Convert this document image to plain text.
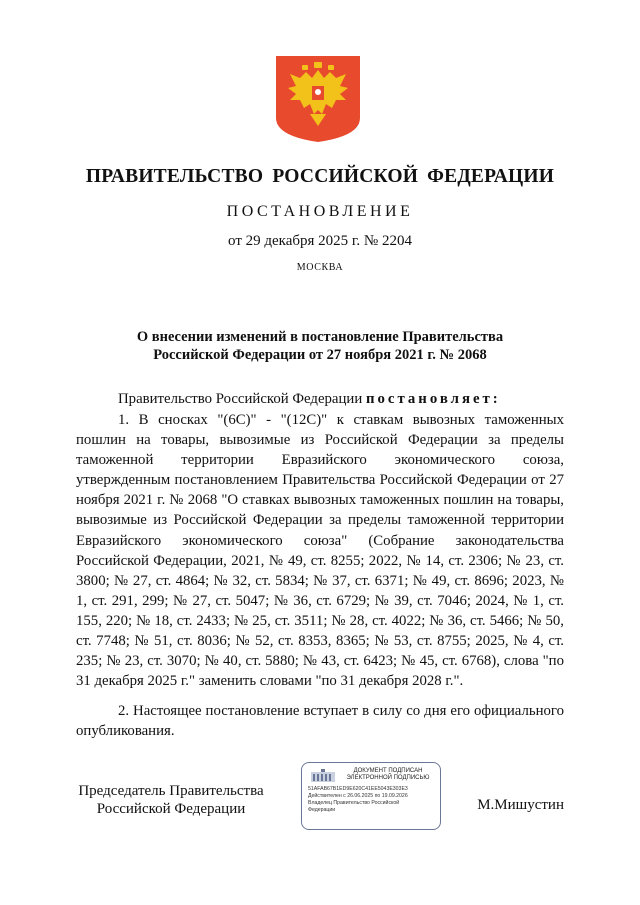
ПРАВИТЕЛЬСТВО РОССИЙСКОЙ ФЕДЕРАЦИИ
ПОСТАНОВЛЕНИЕ
от 29 декабря 2025 г. № 2204
МОСКВА
О внесении изменений в постановление Правительства
Российской Федерации от 27 ноября 2021 г. № 2068
Правительство Российской Федерации постановляет:
1. В сносках "(6С)" - "(12С)" к ставкам вывозных таможенных пошлин на товары, вывозимые из Российской Федерации за пределы таможенной территории Евразийского экономического союза, утвержденным постановлением Правительства Российской Федерации от 27 ноября 2021 г. № 2068 "О ставках вывозных таможенных пошлин на товары, вывозимые из Российской Федерации за пределы таможенной территории Евразийского экономического союза" (Собрание законодательства Российской Федерации, 2021, № 49, ст. 8255; 2022, № 14, ст. 2306; № 23, ст. 3800; № 27, ст. 4864; № 32, ст. 5834; № 37, ст. 6371; № 49, ст. 8696; 2023, № 1, ст. 291, 299; № 27, ст. 5047; № 36, ст. 6729; № 39, ст. 7046; 2024, № 1, ст. 155, 220; № 18, ст. 2433; № 25, ст. 3511; № 28, ст. 4022; № 36, ст. 5466; № 50, ст. 7748; № 51, ст. 8036; № 52, ст. 8353, 8365; № 53, ст. 8755; 2025, № 4, ст. 235; № 23, ст. 3070; № 40, ст. 5880; № 43, ст. 6423; № 45, ст. 6768), слова "по 31 декабря 2025 г." заменить словами "по 31 декабря 2028 г.".
2. Настоящее постановление вступает в силу со дня его официального опубликования.
Председатель Правительства
Российской Федерации
ДОКУМЕНТ ПОДПИСАН
ЭЛЕКТРОННОЙ ПОДПИСЬЮ
51AFAB67B1ED9E620C41EE5043E303E3
Действителен с 26.06.2025 по 19.09.2026
Владелец Правительство Российской
Федерации	М.Мишустин
